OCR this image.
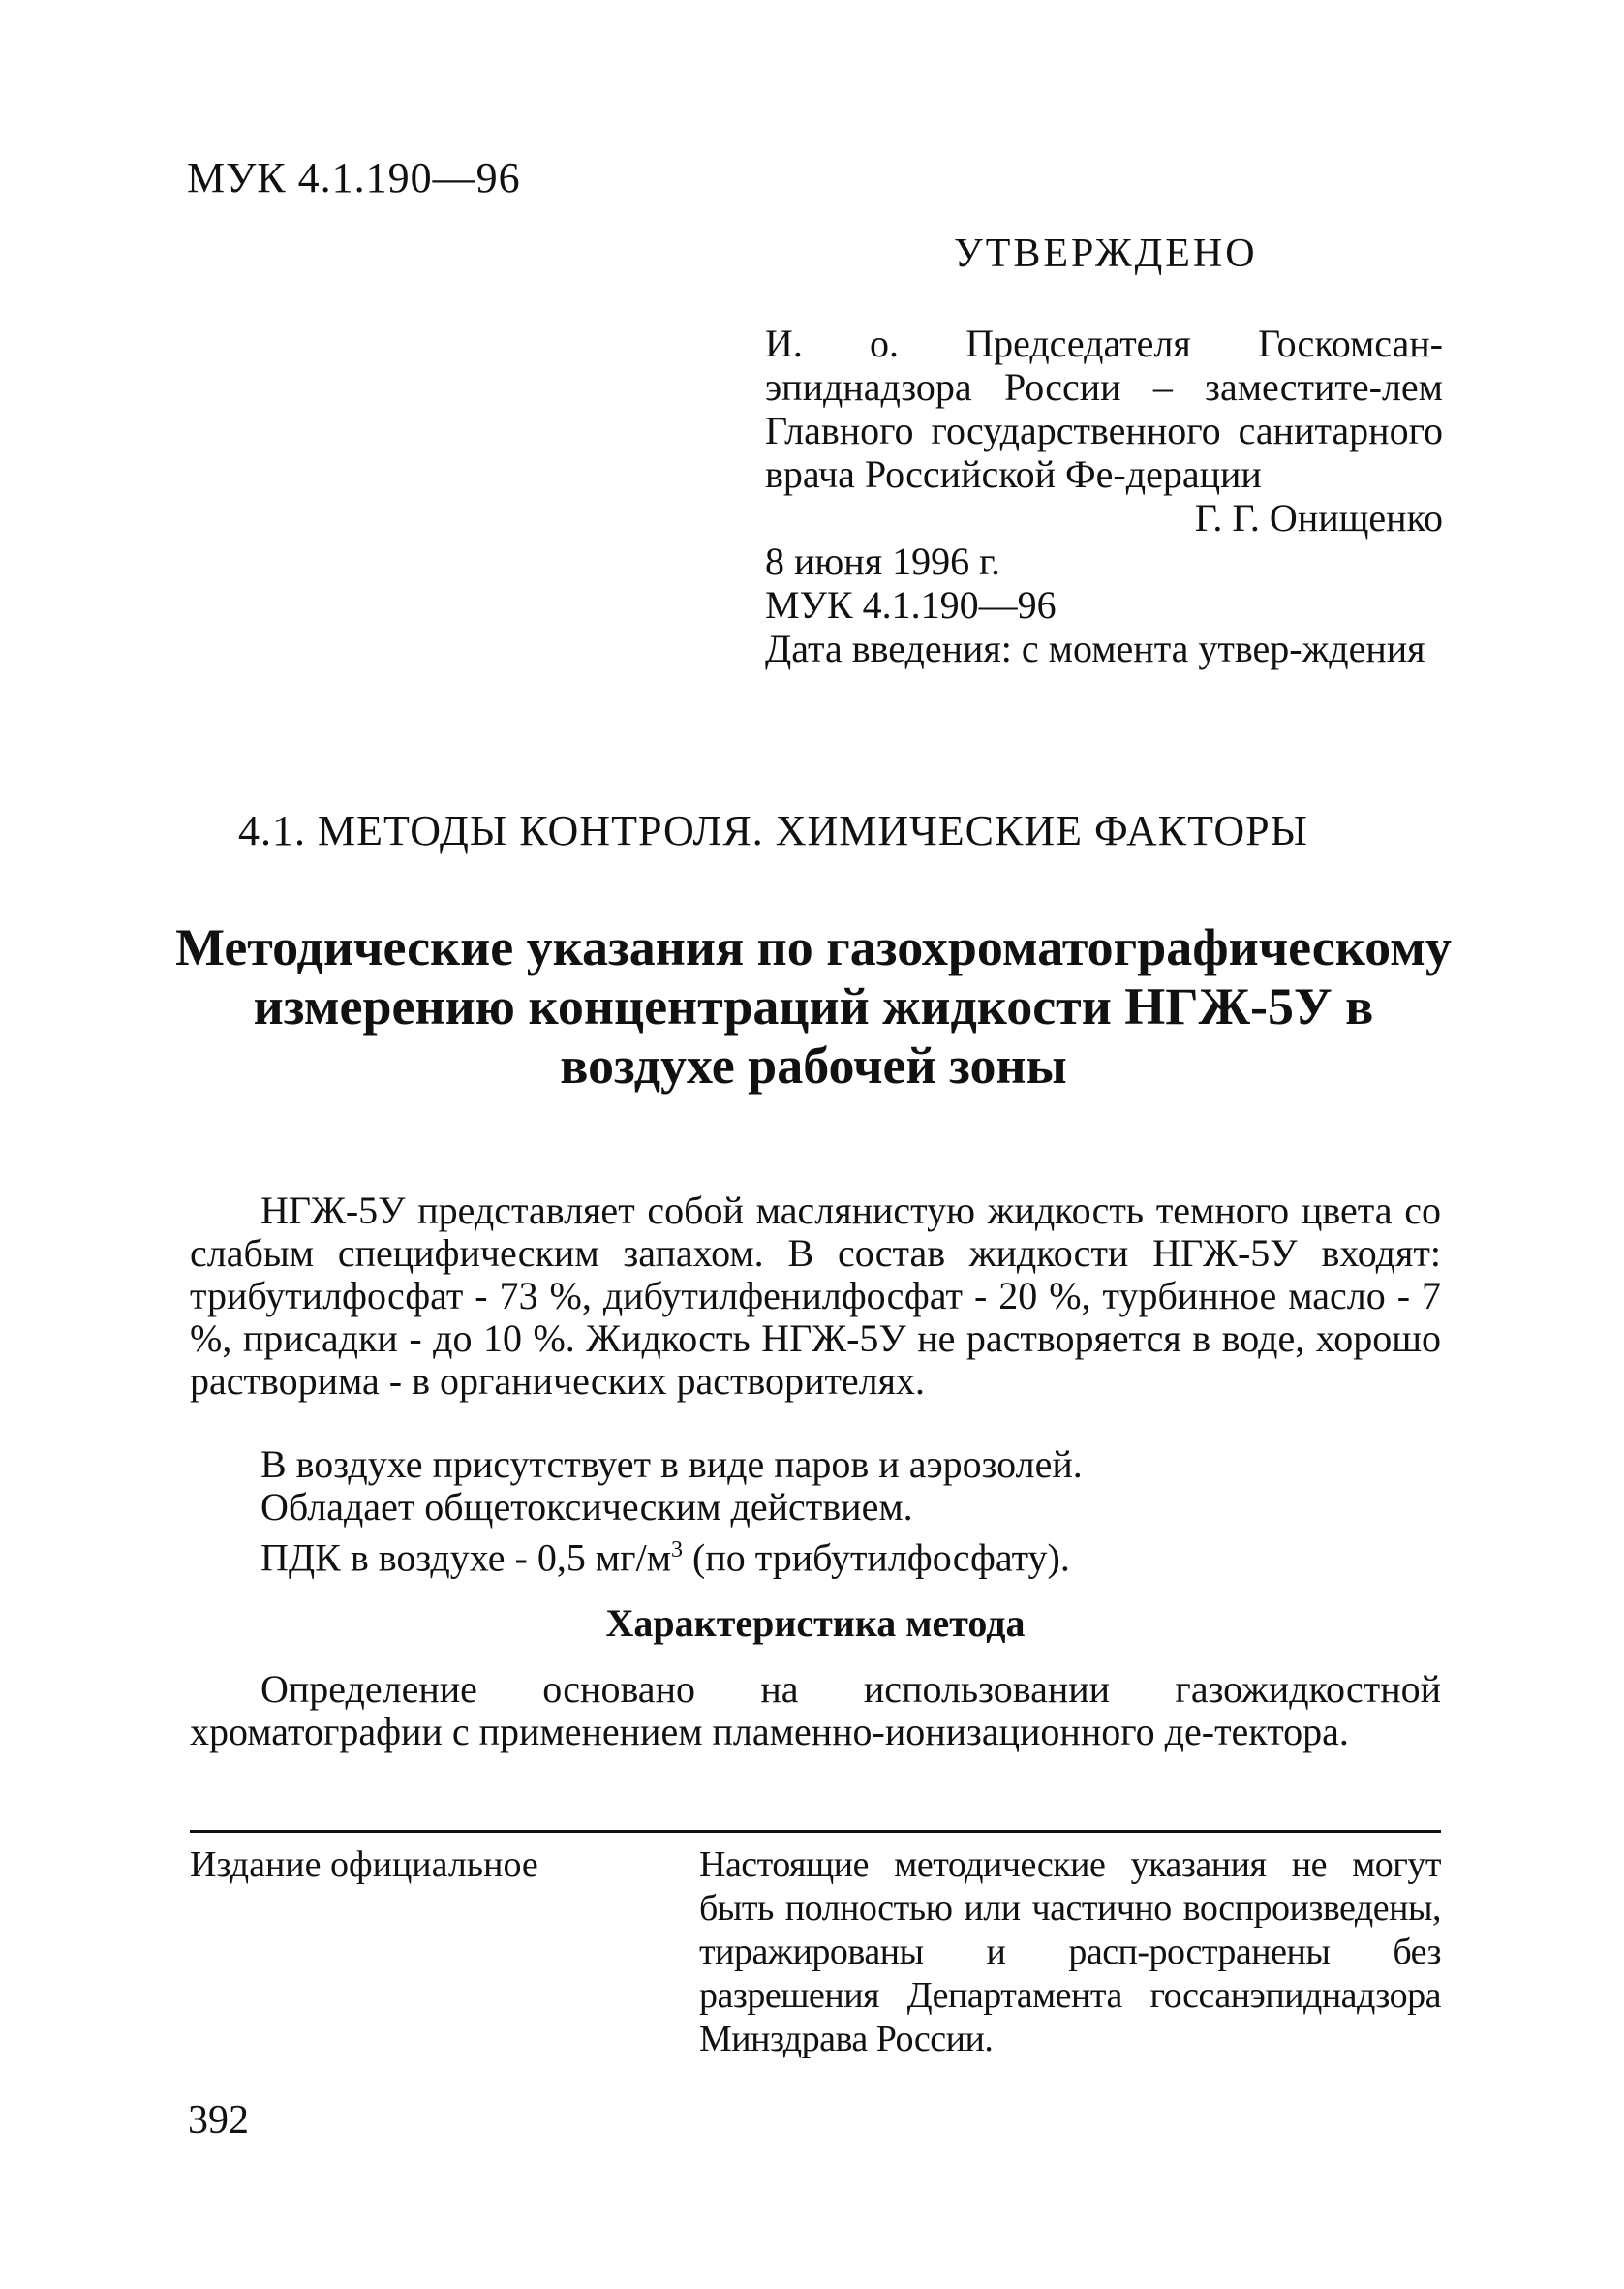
МУК 4.1.190—96
УТВЕРЖДЕНО
И. о. Председателя Госкомсан-эпиднадзора России – заместите-лем Главного государственного санитарного врача Российской Фе-дерации
Г. Г. Онищенко
8 июня 1996 г.
МУК 4.1.190—96
Дата введения: с момента утвер-ждения
4.1. МЕТОДЫ КОНТРОЛЯ. ХИМИЧЕСКИЕ ФАКТОРЫ
Методические указания по газохроматографическому измерению концентраций жидкости НГЖ-5У в воздухе рабочей зоны
НГЖ-5У представляет собой маслянистую жидкость темного цвета со слабым специфическим запахом. В состав жидкости НГЖ-5У входят: трибутилфосфат - 73 %, дибутилфенилфосфат - 20 %, турбинное масло - 7 %, присадки - до 10 %. Жидкость НГЖ-5У не растворяется в воде, хорошо растворима - в органических растворителях.
В воздухе присутствует в виде паров и аэрозолей.
Обладает общетоксическим действием.
ПДК в воздухе - 0,5 $мг/м^3$ (по трибутилфосфату).
Характеристика метода
Определение основано на использовании газожидкостной хроматографии с применением пламенно-ионизационного де-тектора.
Издание официальное	Настоящие методические указания не могут быть полностью или частично воспроизведены, тиражированы и расп-ространены без разрешения Департамента госсанэпиднадзора Минздрава России.
392
